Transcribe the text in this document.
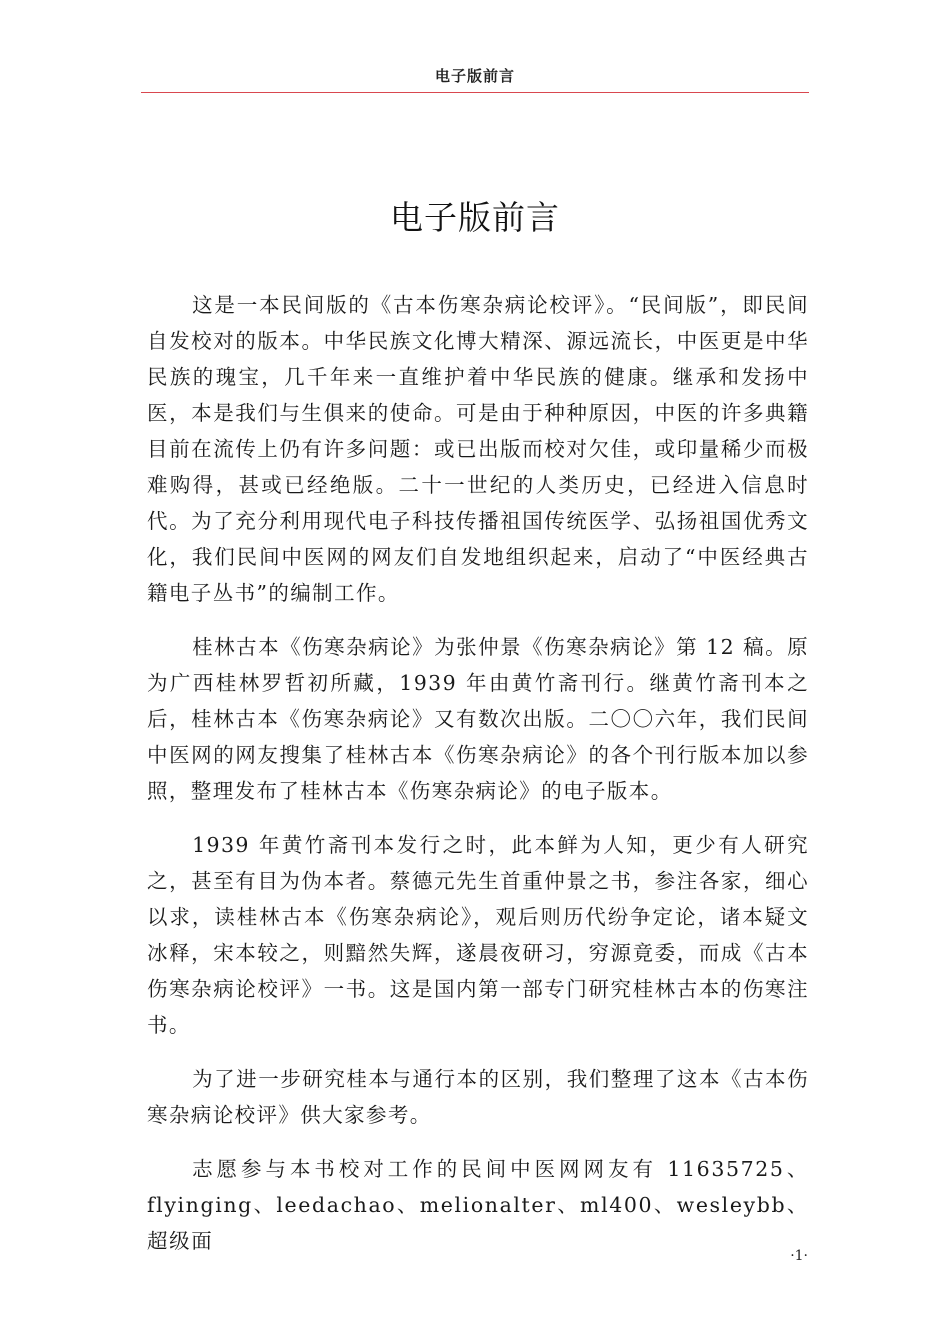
电子版前言
电子版前言

这是一本民间版的《古本伤寒杂病论校评》。“民间版”，即民间自发校对的版本。中华民族文化博大精深、源远流长，中医更是中华民族的瑰宝，几千年来一直维护着中华民族的健康。继承和发扬中医，本是我们与生俱来的使命。可是由于种种原因，中医的许多典籍目前在流传上仍有许多问题：或已出版而校对欠佳，或印量稀少而极难购得，甚或已经绝版。二十一世纪的人类历史，已经进入信息时代。为了充分利用现代电子科技传播祖国传统医学、弘扬祖国优秀文化，我们民间中医网的网友们自发地组织起来，启动了“中医经典古籍电子丛书”的编制工作。

桂林古本《伤寒杂病论》为张仲景《伤寒杂病论》第 12 稿。原为广西桂林罗哲初所藏，1939 年由黄竹斋刊行。继黄竹斋刊本之后，桂林古本《伤寒杂病论》又有数次出版。二〇〇六年，我们民间中医网的网友搜集了桂林古本《伤寒杂病论》的各个刊行版本加以参照，整理发布了桂林古本《伤寒杂病论》的电子版本。

1939 年黄竹斋刊本发行之时，此本鲜为人知，更少有人研究之，甚至有目为伪本者。蔡德元先生首重仲景之书，参注各家，细心以求，读桂林古本《伤寒杂病论》，观后则历代纷争定论，诸本疑文冰释，宋本较之，则黯然失辉，遂晨夜研习，穷源竟委，而成《古本伤寒杂病论校评》一书。这是国内第一部专门研究桂林古本的伤寒注书。

为了进一步研究桂本与通行本的区别，我们整理了这本《古本伤寒杂病论校评》供大家参考。

志愿参与本书校对工作的民间中医网网友有 11635725、flyinging、leedachao、melionalter、ml400、wesleybb、超级面

·1·
